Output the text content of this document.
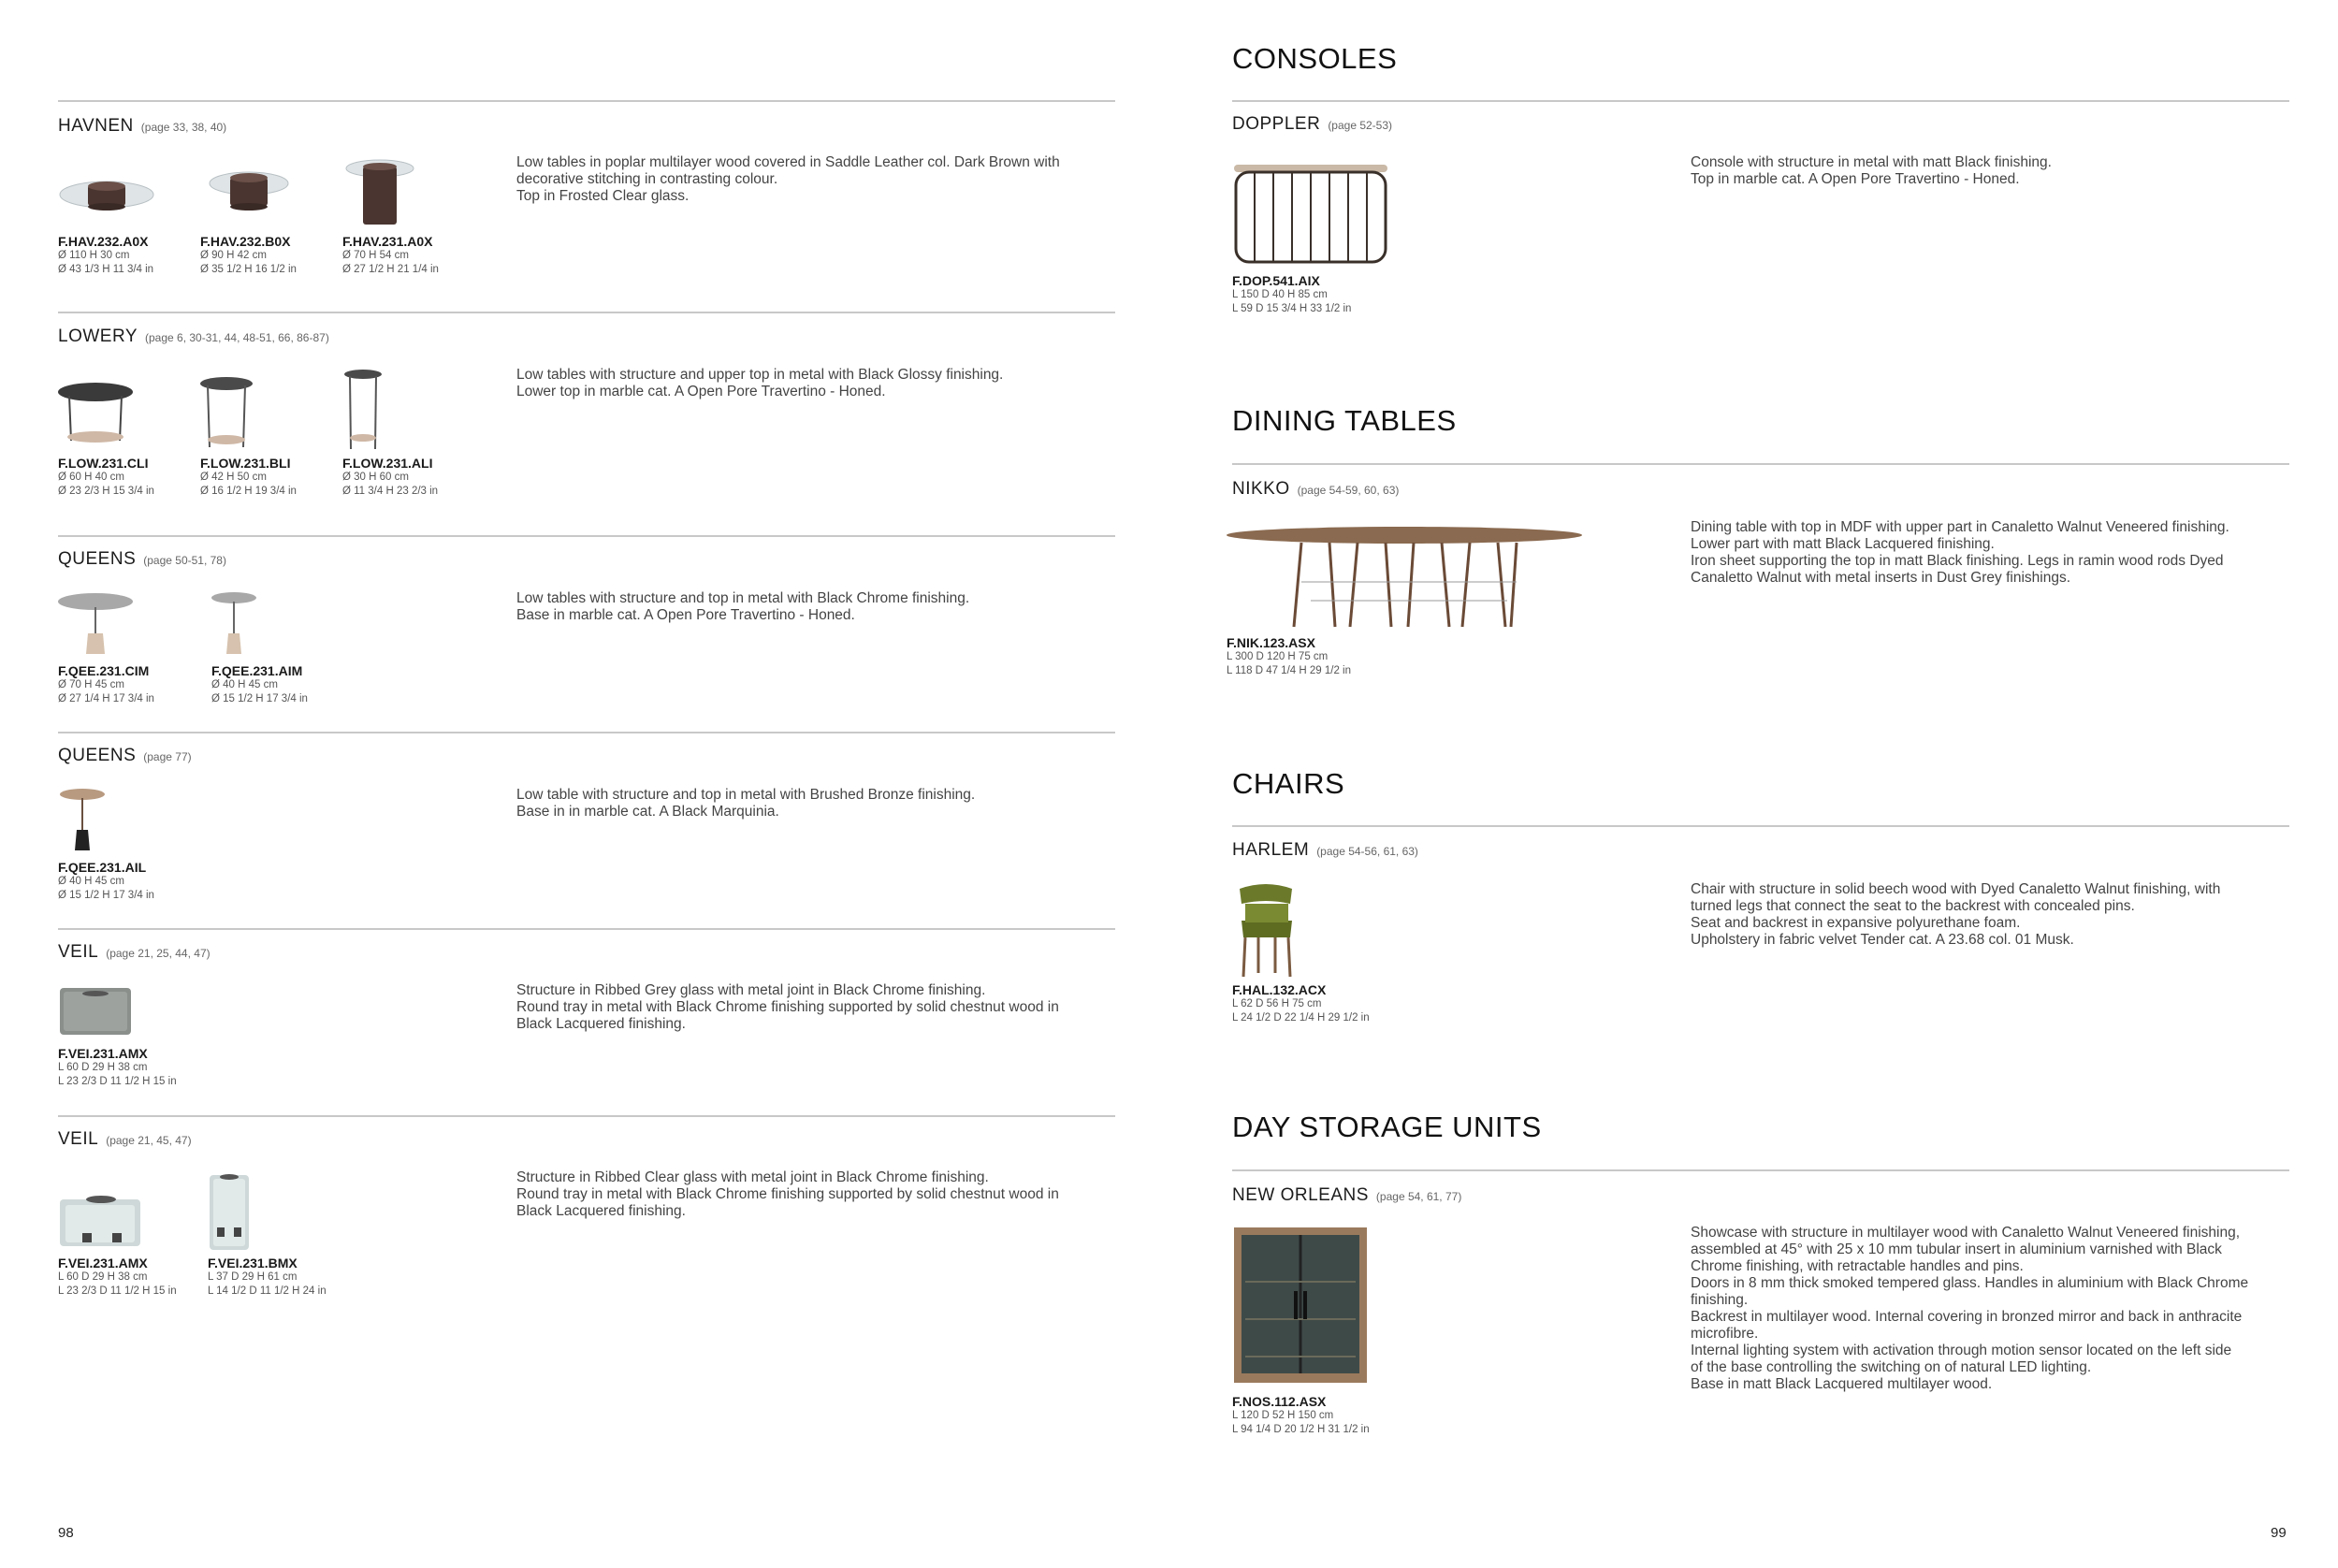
HAVNEN (page 33, 38, 40)
Low tables in poplar multilayer wood covered in Saddle Leather col. Dark Brown with
decorative stitching in contrasting colour.
Top in Frosted Clear glass.
F.HAV.232.A0X
Ø 110 H 30 cm
Ø 43 1/3 H 11 3/4 in
F.HAV.232.B0X
Ø 90 H 42 cm
Ø 35 1/2 H 16 1/2 in
F.HAV.231.A0X
Ø 70 H 54 cm
Ø 27 1/2 H 21 1/4 in
LOWERY (page 6, 30-31, 44, 48-51, 66, 86-87)
Low tables with structure and upper top in metal with Black Glossy finishing.
Lower top in marble cat. A Open Pore Travertino - Honed.
F.LOW.231.CLI
Ø 60 H 40 cm
Ø 23 2/3 H 15 3/4 in
F.LOW.231.BLI
Ø 42 H 50 cm
Ø 16 1/2 H 19 3/4 in
F.LOW.231.ALI
Ø 30 H 60 cm
Ø 11 3/4 H 23 2/3 in
QUEENS (page 50-51, 78)
Low tables with structure and top in metal with Black Chrome finishing.
Base in marble cat. A Open Pore Travertino - Honed.
F.QEE.231.CIM
Ø 70 H 45 cm
Ø 27 1/4 H 17 3/4 in
F.QEE.231.AIM
Ø 40 H 45 cm
Ø 15 1/2 H 17 3/4 in
QUEENS (page 77)
Low table with structure and top in metal with Brushed Bronze finishing.
Base in in marble cat. A Black Marquinia.
F.QEE.231.AIL
Ø 40 H 45 cm
Ø 15 1/2 H 17 3/4 in
VEIL (page 21, 25, 44, 47)
Structure in Ribbed Grey glass with metal joint in Black Chrome finishing.
Round tray in metal with Black Chrome finishing supported by solid chestnut wood in
Black Lacquered finishing.
F.VEI.231.AMX
L 60 D 29 H 38 cm
L 23 2/3 D 11 1/2 H 15 in
VEIL (page 21, 45, 47)
Structure in Ribbed Clear glass with metal joint in Black Chrome finishing.
Round tray in metal with Black Chrome finishing supported by solid chestnut wood in
Black Lacquered finishing.
F.VEI.231.AMX
L 60 D 29 H 38 cm
L 23 2/3 D 11 1/2 H 15 in
F.VEI.231.BMX
L 37 D 29 H 61 cm
L 14 1/2 D 11 1/2 H 24 in
98
CONSOLES
DOPPLER (page 52-53)
Console with structure in metal with matt Black finishing.
Top in marble cat. A Open Pore Travertino - Honed.
F.DOP.541.AIX
L 150 D 40 H 85 cm
L 59 D 15 3/4 H 33 1/2 in
DINING TABLES
NIKKO (page 54-59, 60, 63)
Dining table with top in MDF with upper part in Canaletto Walnut Veneered finishing.
Lower part with matt Black Lacquered finishing.
Iron sheet supporting the top in matt Black finishing. Legs in ramin wood rods Dyed
Canaletto Walnut with metal inserts in Dust Grey finishings.
F.NIK.123.ASX
L 300 D 120 H 75 cm
L 118 D 47 1/4 H 29 1/2 in
CHAIRS
HARLEM (page 54-56, 61, 63)
Chair with structure in solid beech wood with Dyed Canaletto Walnut finishing, with
turned legs that connect the seat to the backrest with concealed pins.
Seat and backrest in expansive polyurethane foam.
Upholstery in fabric velvet Tender cat. A 23.68 col. 01 Musk.
F.HAL.132.ACX
L 62 D 56 H 75 cm
L 24 1/2 D 22 1/4 H 29 1/2 in
DAY STORAGE UNITS
NEW ORLEANS (page 54, 61, 77)
Showcase with structure in multilayer wood with Canaletto Walnut Veneered finishing,
assembled at 45° with 25 x 10 mm tubular insert in aluminium varnished with Black
Chrome finishing, with retractable handles and pins.
Doors in 8 mm thick smoked tempered glass. Handles in aluminium with Black Chrome
finishing.
Backrest in multilayer wood. Internal covering in bronzed mirror and back in anthracite
microfibre.
Internal lighting system with activation through motion sensor located on the left side
of the base controlling the switching on of natural LED lighting.
Base in matt Black Lacquered multilayer wood.
F.NOS.112.ASX
L 120 D 52 H 150 cm
L 94 1/4 D 20 1/2 H 31 1/2 in
99
